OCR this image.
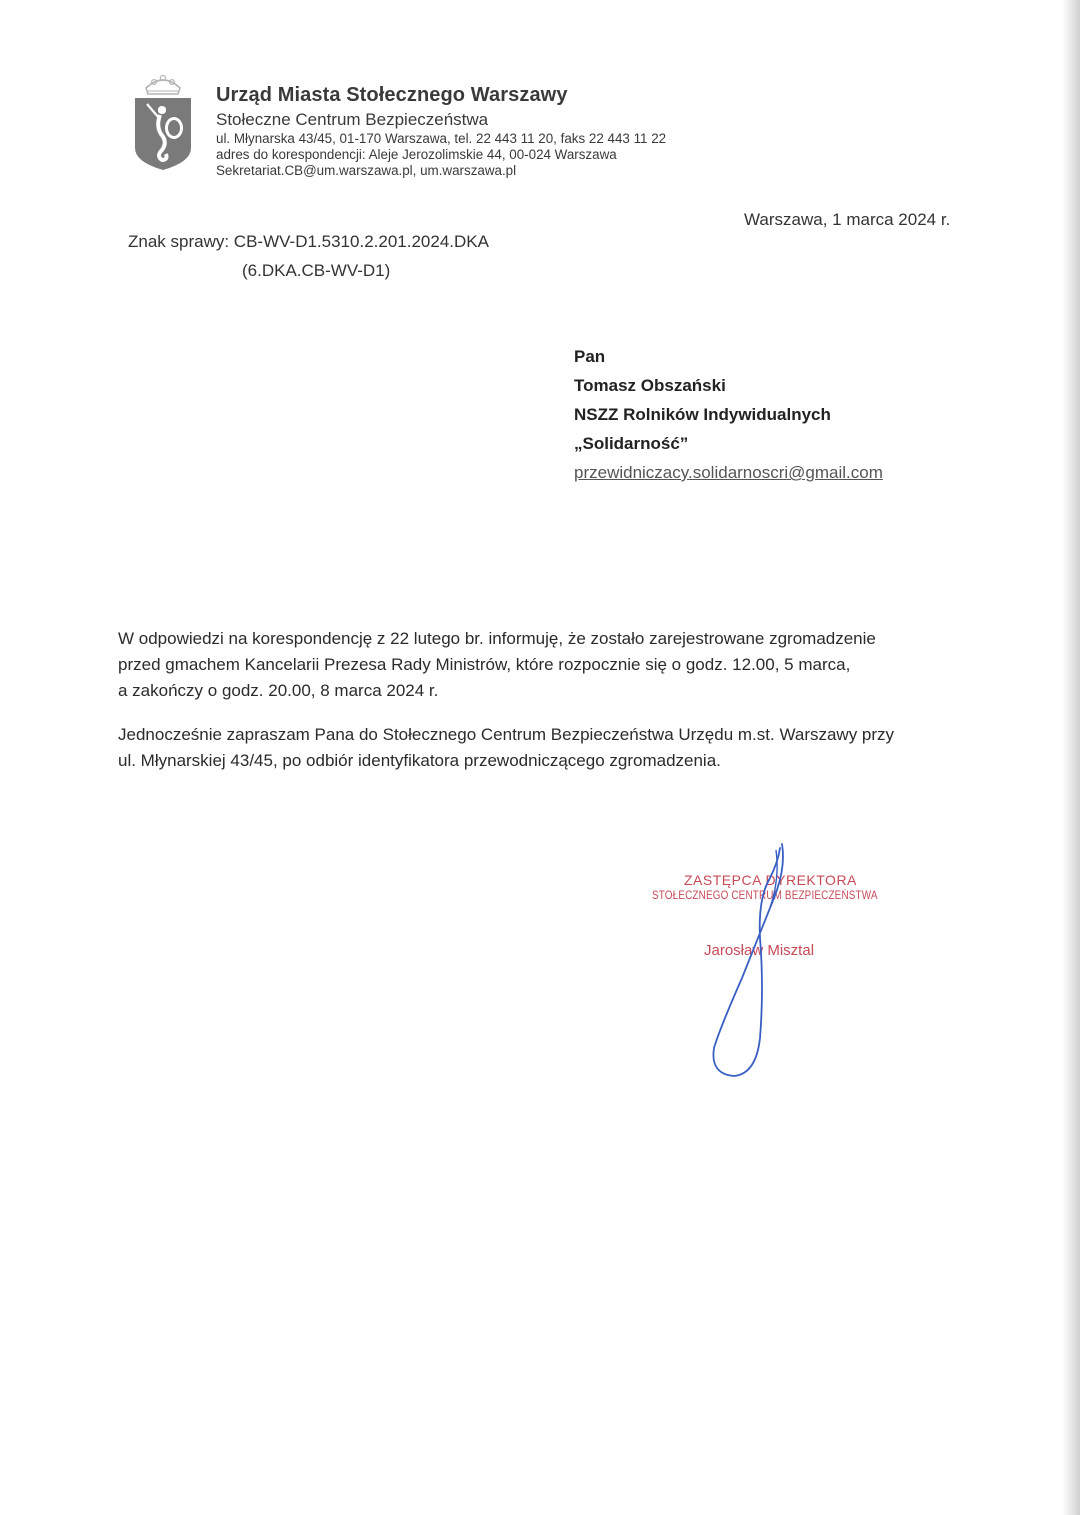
Urząd Miasta Stołecznego Warszawy
Stołeczne Centrum Bezpieczeństwa
ul. Młynarska 43/45, 01-170 Warszawa, tel. 22 443 11 20, faks 22 443 11 22
adres do korespondencji: Aleje Jerozolimskie 44, 00-024 Warszawa
Sekretariat.CB@um.warszawa.pl, um.warszawa.pl
Warszawa, 1 marca 2024 r.
Znak sprawy: CB-WV-D1.5310.2.201.2024.DKA
(6.DKA.CB-WV-D1)
Pan
Tomasz Obszański
NSZZ Rolników Indywidualnych
„Solidarność”
przewidniczacy.solidarnoscri@gmail.com
W odpowiedzi na korespondencję z 22 lutego br. informuję, że zostało zarejestrowane zgromadzenie
przed gmachem Kancelarii Prezesa Rady Ministrów, które rozpocznie się o godz. 12.00, 5 marca,
a zakończy o godz. 20.00, 8 marca 2024 r.
Jednocześnie zapraszam Pana do Stołecznego Centrum Bezpieczeństwa Urzędu m.st. Warszawy przy
ul. Młynarskiej 43/45, po odbiór identyfikatora przewodniczącego zgromadzenia.
ZASTĘPCA DYREKTORA
STOŁECZNEGO CENTRUM BEZPIECZEŃSTWA
Jarosław Misztal
